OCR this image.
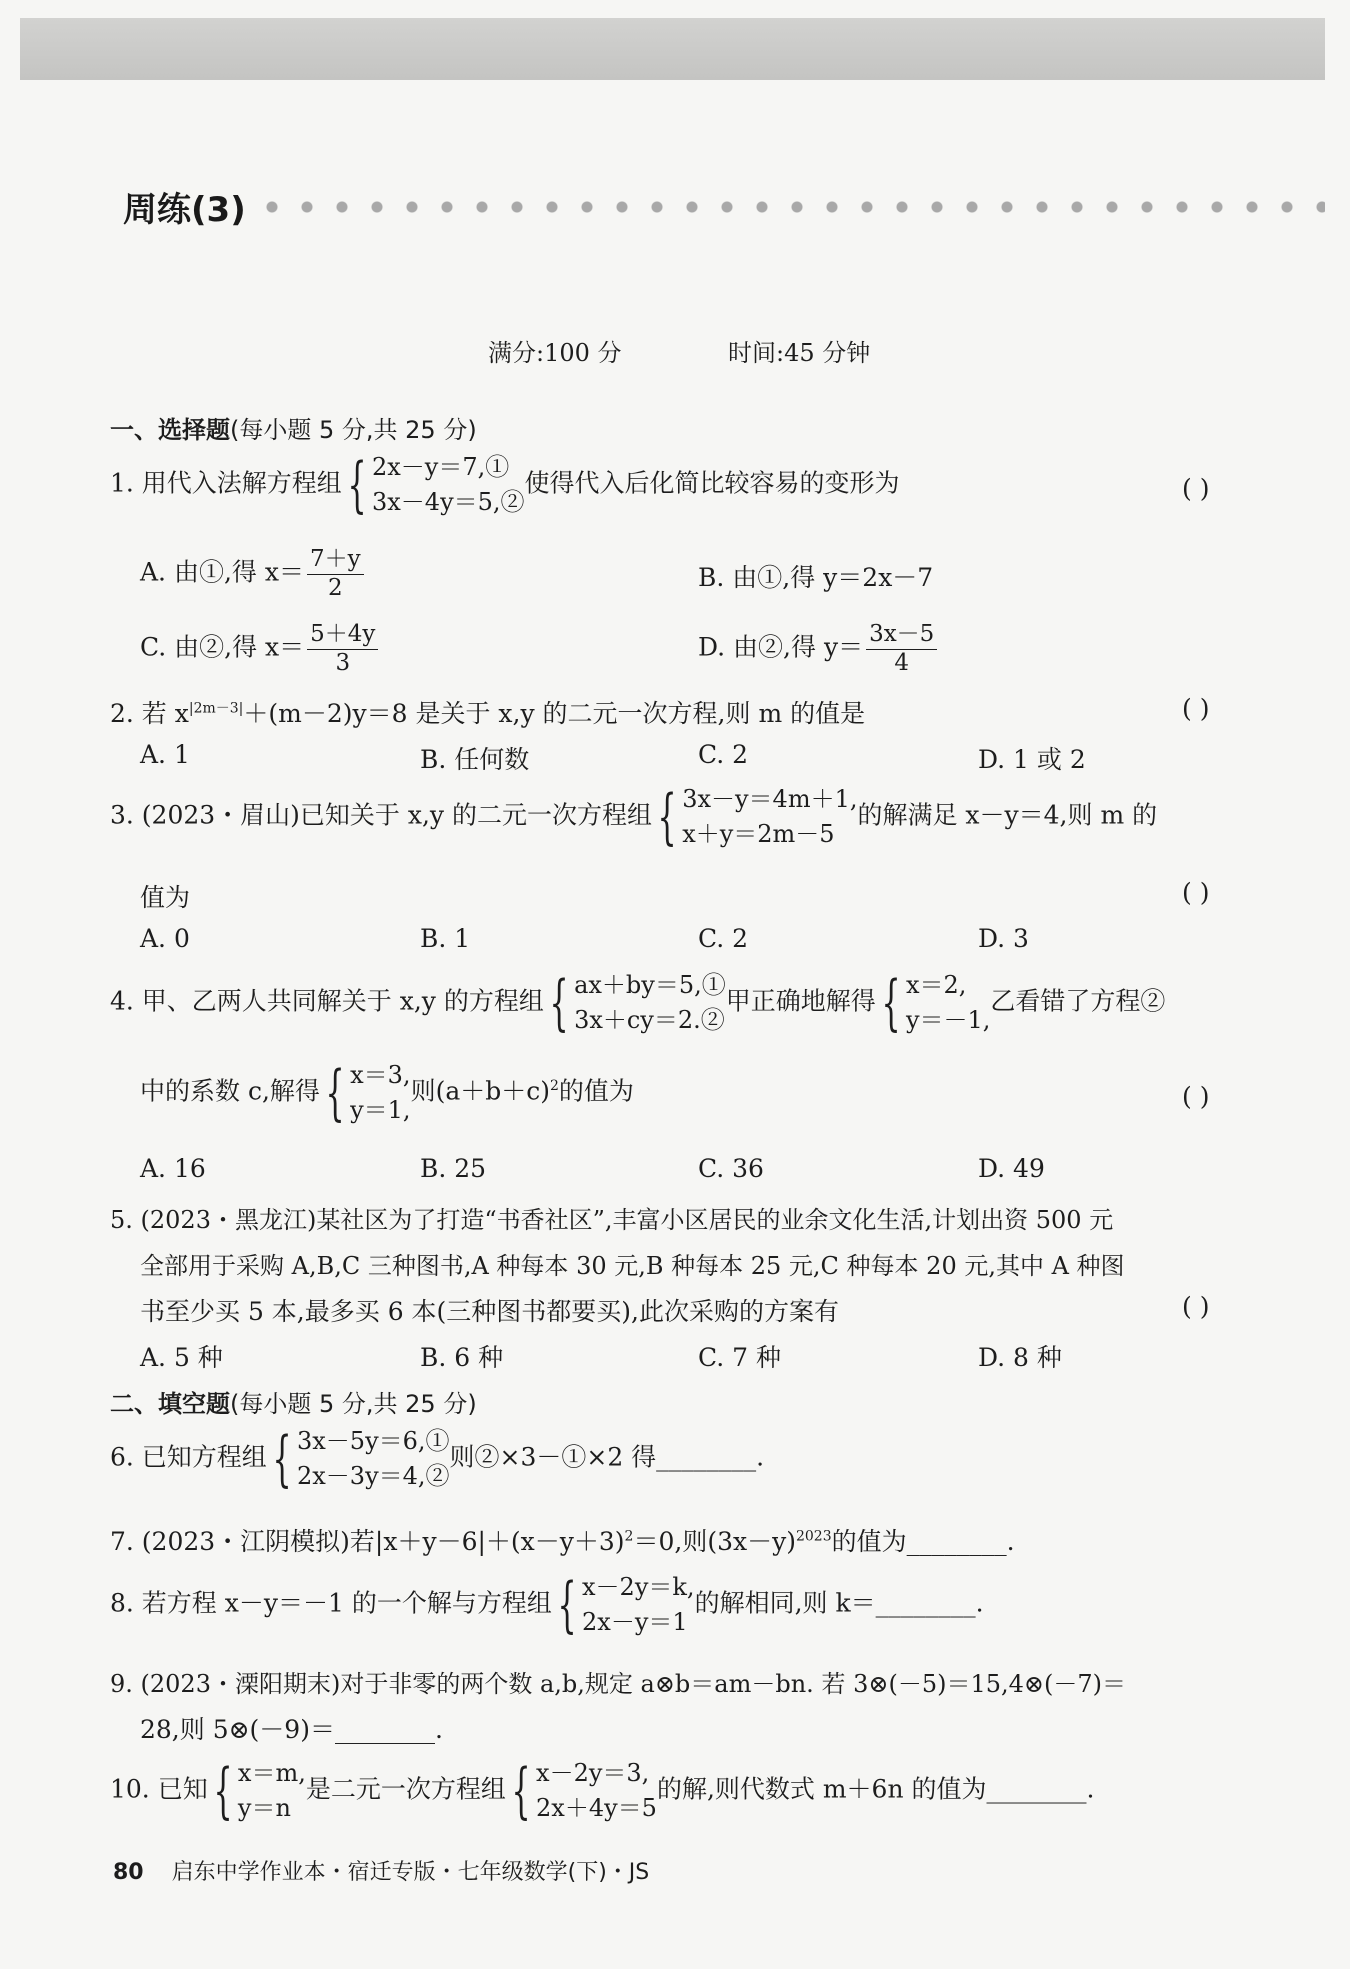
周练(3)
满分:100 分	时间:45 分钟
一、选择题(每小题 5 分,共 25 分)
1. 用代入法解方程组 { 2x－y＝7,①
3x－4y＝5,②
使得代入后化简比较容易的变形为	( )
A. 由①,得 $x= \frac{7+y}{2}$	B. 由①,得 y＝2x－7
C. 由②,得 $x= \frac{5+4y}{3}$	D. 由②,得 $y= \frac{3x-5}{4}$
2. 若 $x^{|2m-3|}+(m-2)y=8$ 是关于 x,y 的二元一次方程,则 m 的值是	( )
A. 1	B. 任何数	C. 2	D. 1 或 2
3. (2023・眉山)已知关于 x,y 的二元一次方程组 { 3x－y＝4m＋1,
x＋y＝2m－5
的解满足 x－y＝4,则 m 的
值为	( )
A. 0	B. 1	C. 2	D. 3
4. 甲、乙两人共同解关于 x,y 的方程组 { ax＋by＝5,①
3x＋cy＝2.②
甲正确地解得 { x＝2,
y＝－1,
乙看错了方程②
中的系数 c,解得 { x＝3,
y＝1,
则$(a+b+c)^2$的值为	( )
A. 16	B. 25	C. 36	D. 49
5. (2023・黑龙江)某社区为了打造“书香社区”,丰富小区居民的业余文化生活,计划出资 500 元
全部用于采购 A,B,C 三种图书,A 种每本 30 元,B 种每本 25 元,C 种每本 20 元,其中 A 种图
书至少买 5 本,最多买 6 本(三种图书都要买),此次采购的方案有	( )
A. 5 种	B. 6 种	C. 7 种	D. 8 种
二、填空题(每小题 5 分,共 25 分)
6. 已知方程组 { 3x－5y＝6,①
2x－3y＝4,②
则②×3－①×2 得________.
7. (2023・江阴模拟)若$|x+y-6|+(x-y+3)^2=0$,则$(3x-y)^{2023}$的值为________.
8. 若方程 x－y＝－1 的一个解与方程组 { x－2y＝k,
2x－y＝1
的解相同,则 k＝________.
9. (2023・溧阳期末)对于非零的两个数 a,b,规定 a⊗b＝am－bn. 若 3⊗(－5)＝15,4⊗(－7)＝
28,则 5⊗(－9)＝________.
10. 已知 { x＝m,
y＝n
是二元一次方程组 { x－2y＝3,
2x＋4y＝5
的解,则代数式 m＋6n 的值为________.
80 启东中学作业本・宿迁专版・七年级数学(下)・JS
